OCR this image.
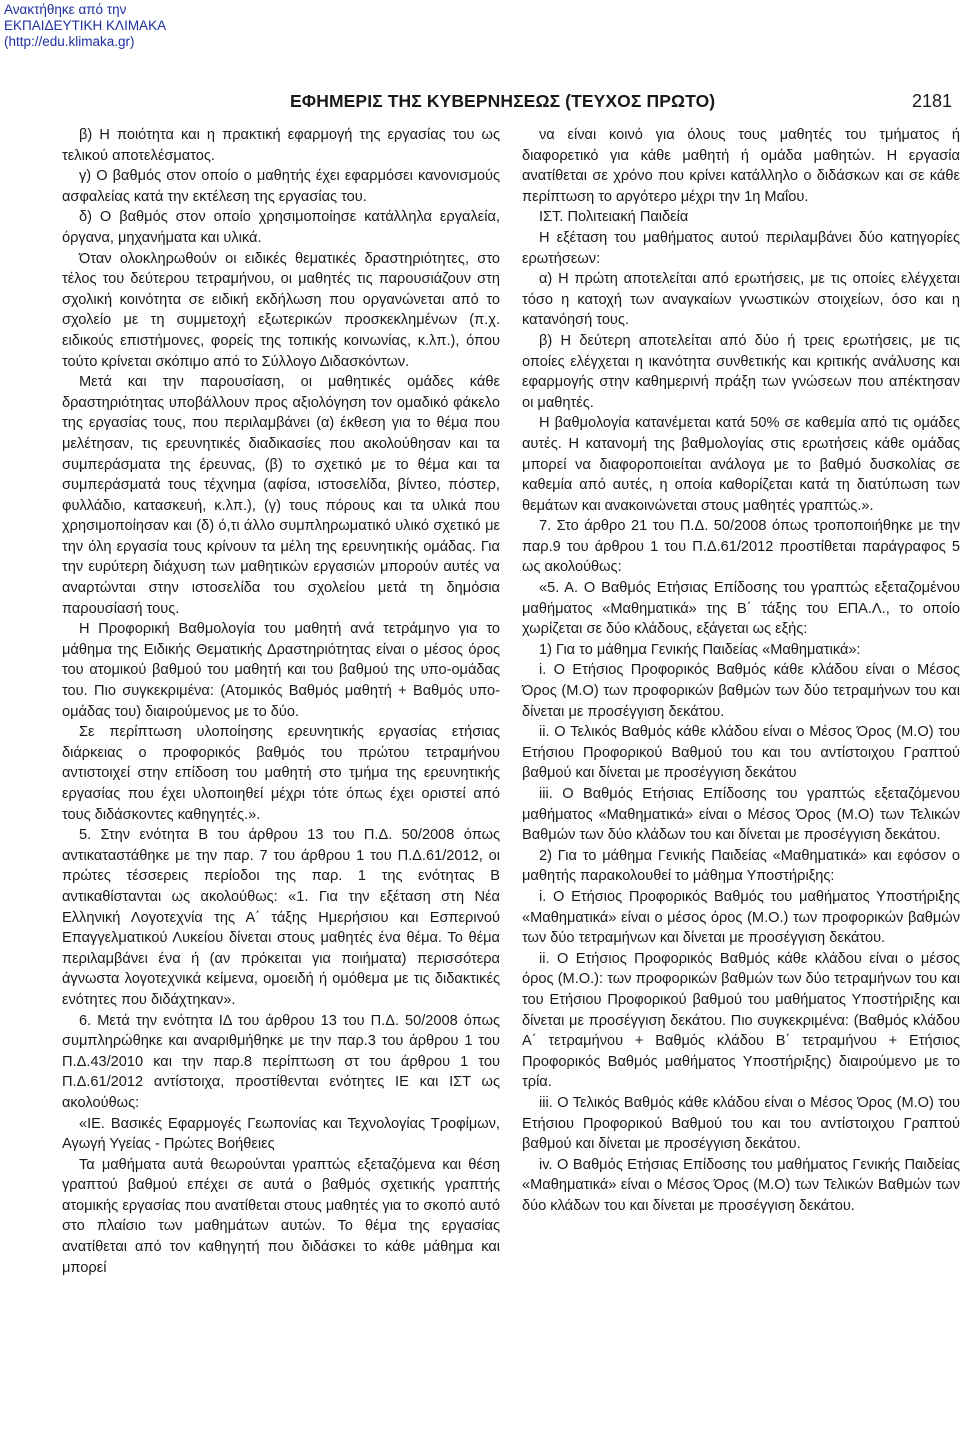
Ανακτήθηκε από την
ΕΚΠΑΙΔΕΥΤΙΚΗ ΚΛΙΜΑΚΑ
(http://edu.klimaka.gr)
ΕΦΗΜΕΡΙΣ ΤΗΣ ΚΥΒΕΡΝΗΣΕΩΣ (ΤΕΥΧΟΣ ΠΡΩΤΟ)	2181

β) Η ποιότητα και η πρακτική εφαρμογή της εργασίας του ως τελικού αποτελέσματος.

γ) Ο βαθμός στον οποίο ο μαθητής έχει εφαρμόσει κανονισμούς ασφαλείας κατά την εκτέλεση της εργασίας του.

δ) Ο βαθμός στον οποίο χρησιμοποίησε κατάλληλα εργαλεία, όργανα, μηχανήματα και υλικά.

Όταν ολοκληρωθούν οι ειδικές θεματικές δραστηριότητες, στο τέλος του δεύτερου τετραμήνου, οι μαθητές τις παρουσιάζουν στη σχολική κοινότητα σε ειδική εκδήλωση που οργανώνεται από το σχολείο με τη συμμετοχή εξωτερικών προσκεκλημένων (π.χ. ειδικούς επιστήμονες, φορείς της τοπικής κοινωνίας, κ.λπ.), όπου τούτο κρίνεται σκόπιμο από το Σύλλογο Διδασκόντων.

Μετά και την παρουσίαση, οι μαθητικές ομάδες κάθε δραστηριότητας υποβάλλουν προς αξιολόγηση τον ομαδικό φάκελο της εργασίας τους, που περιλαμβάνει (α) έκθεση για το θέμα που μελέτησαν, τις ερευνητικές διαδικασίες που ακολούθησαν και τα συμπεράσματα της έρευνας, (β) το σχετικό με το θέμα και τα συμπεράσματά τους τέχνημα (αφίσα, ιστοσελίδα, βίντεο, πόστερ, φυλλάδιο, κατασκευή, κ.λπ.), (γ) τους πόρους και τα υλικά που χρησιμοποίησαν και (δ) ό,τι άλλο συμπληρωματικό υλικό σχετικό με την όλη εργασία τους κρίνουν τα μέλη της ερευνητικής ομάδας. Για την ευρύτερη διάχυση των μαθητικών εργασιών μπορούν αυτές να αναρτώνται στην ιστοσελίδα του σχολείου μετά τη δημόσια παρουσίασή τους.

Η Προφορική Βαθμολογία του μαθητή ανά τετράμηνο για το μάθημα της Ειδικής Θεματικής Δραστηριότητας είναι ο μέσος όρος του ατομικού βαθμού του μαθητή και του βαθμού της υπο-ομάδας του. Πιο συγκεκριμένα: (Ατομικός Βαθμός μαθητή + Βαθμός υπο-ομάδας του) διαιρούμενος με το δύο.

Σε περίπτωση υλοποίησης ερευνητικής εργασίας ετήσιας διάρκειας ο προφορικός βαθμός του πρώτου τετραμήνου αντιστοιχεί στην επίδοση του μαθητή στο τμήμα της ερευνητικής εργασίας που έχει υλοποιηθεί μέχρι τότε όπως έχει οριστεί από τους διδάσκοντες καθηγητές.».

5. Στην ενότητα Β του άρθρου 13 του Π.Δ. 50/2008 όπως αντικαταστάθηκε με την παρ. 7 του άρθρου 1 του Π.Δ.61/2012, οι πρώτες τέσσερεις περίοδοι της παρ. 1 της ενότητας Β αντικαθίστανται ως ακολούθως: «1. Για την εξέταση στη Νέα Ελληνική Λογοτεχνία της Α΄ τάξης Ημερήσιου και Εσπερινού Επαγγελματικού Λυκείου δίνεται στους μαθητές ένα θέμα. Το θέμα περιλαμβάνει ένα ή (αν πρόκειται για ποιήματα) περισσότερα άγνωστα λογοτεχνικά κείμενα, ομοειδή ή ομόθεμα με τις διδακτικές ενότητες που διδάχτηκαν».

6. Μετά την ενότητα ΙΔ του άρθρου 13 του Π.Δ. 50/2008 όπως συμπληρώθηκε και αναριθμήθηκε με την παρ.3 του άρθρου 1 του Π.Δ.43/2010 και την παρ.8 περίπτωση στ του άρθρου 1 του Π.Δ.61/2012 αντίστοιχα, προστίθενται ενότητες ΙΕ και ΙΣΤ ως ακολούθως:

«ΙΕ. Βασικές Εφαρμογές Γεωπονίας και Τεχνολογίας Τροφίμων, Αγωγή Υγείας - Πρώτες Βοήθειες

Τα μαθήματα αυτά θεωρούνται γραπτώς εξεταζόμενα και θέση γραπτού βαθμού επέχει σε αυτά ο βαθμός σχετικής γραπτής ατομικής εργασίας που ανατίθεται στους μαθητές για το σκοπό αυτό στο πλαίσιο των μαθημάτων αυτών. Το θέμα της εργασίας ανατίθεται από τον καθηγητή που διδάσκει το κάθε μάθημα και μπορεί

να είναι κοινό για όλους τους μαθητές του τμήματος ή διαφορετικό για κάθε μαθητή ή ομάδα μαθητών. Η εργασία ανατίθεται σε χρόνο που κρίνει κατάλληλο ο διδάσκων και σε κάθε περίπτωση το αργότερο μέχρι την 1η Μαΐου.

ΙΣΤ. Πολιτειακή Παιδεία

Η εξέταση του μαθήματος αυτού περιλαμβάνει δύο κατηγορίες ερωτήσεων:

α) Η πρώτη αποτελείται από ερωτήσεις, με τις οποίες ελέγχεται τόσο η κατοχή των αναγκαίων γνωστικών στοιχείων, όσο και η κατανόησή τους.

β) Η δεύτερη αποτελείται από δύο ή τρεις ερωτήσεις, με τις οποίες ελέγχεται η ικανότητα συνθετικής και κριτικής ανάλυσης και εφαρμογής στην καθημερινή πράξη των γνώσεων που απέκτησαν οι μαθητές.

Η βαθμολογία κατανέμεται κατά 50% σε καθεμία από τις ομάδες αυτές. Η κατανομή της βαθμολογίας στις ερωτήσεις κάθε ομάδας μπορεί να διαφοροποιείται ανάλογα με το βαθμό δυσκολίας σε καθεμία από αυτές, η οποία καθορίζεται κατά τη διατύπωση των θεμάτων και ανακοινώνεται στους μαθητές γραπτώς.».

7. Στο άρθρο 21 του Π.Δ. 50/2008 όπως τροποποιήθηκε με την παρ.9 του άρθρου 1 του Π.Δ.61/2012 προστίθεται παράγραφος 5 ως ακολούθως:

«5. Α. Ο Βαθμός Ετήσιας Επίδοσης του γραπτώς εξεταζομένου μαθήματος «Μαθηματικά» της Β΄ τάξης του ΕΠΑ.Λ., το οποίο χωρίζεται σε δύο κλάδους, εξάγεται ως εξής:

1) Για το μάθημα Γενικής Παιδείας «Μαθηματικά»:

i. Ο Ετήσιος Προφορικός Βαθμός κάθε κλάδου είναι ο Μέσος Όρος (Μ.Ο) των προφορικών βαθμών των δύο τετραμήνων του και δίνεται με προσέγγιση δεκάτου.

ii. Ο Τελικός Βαθμός κάθε κλάδου είναι ο Μέσος Όρος (Μ.Ο) του Ετήσιου Προφορικού Βαθμού του και του αντίστοιχου Γραπτού βαθμού και δίνεται με προσέγγιση δεκάτου

iii. Ο Βαθμός Ετήσιας Επίδοσης του γραπτώς εξεταζόμενου μαθήματος «Μαθηματικά» είναι ο Μέσος Όρος (Μ.Ο) των Τελικών Βαθμών των δύο κλάδων του και δίνεται με προσέγγιση δεκάτου.

2) Για το μάθημα Γενικής Παιδείας «Μαθηματικά» και εφόσον ο μαθητής παρακολουθεί το μάθημα Υποστήριξης:

i. Ο Ετήσιος Προφορικός Βαθμός του μαθήματος Υποστήριξης «Μαθηματικά» είναι ο μέσος όρος (Μ.Ο.) των προφορικών βαθμών των δύο τετραμήνων και δίνεται με προσέγγιση δεκάτου.

ii. Ο Ετήσιος Προφορικός Βαθμός κάθε κλάδου είναι ο μέσος όρος (Μ.Ο.): των προφορικών βαθμών των δύο τετραμήνων του και του Ετήσιου Προφορικού βαθμού του μαθήματος Υποστήριξης και δίνεται με προσέγγιση δεκάτου. Πιο συγκεκριμένα: (Βαθμός κλάδου Α΄ τετραμήνου + Βαθμός κλάδου Β΄ τετραμήνου + Ετήσιος Προφορικός Βαθμός μαθήματος Υποστήριξης) διαιρούμενο με το τρία.

iii. Ο Τελικός Βαθμός κάθε κλάδου είναι ο Μέσος Όρος (Μ.Ο) του Ετήσιου Προφορικού Βαθμού του και του αντίστοιχου Γραπτού βαθμού και δίνεται με προσέγγιση δεκάτου.

iv. Ο Βαθμός Ετήσιας Επίδοσης του μαθήματος Γενικής Παιδείας «Μαθηματικά» είναι ο Μέσος Όρος (Μ.Ο) των Τελικών Βαθμών των δύο κλάδων του και δίνεται με προσέγγιση δεκάτου.
